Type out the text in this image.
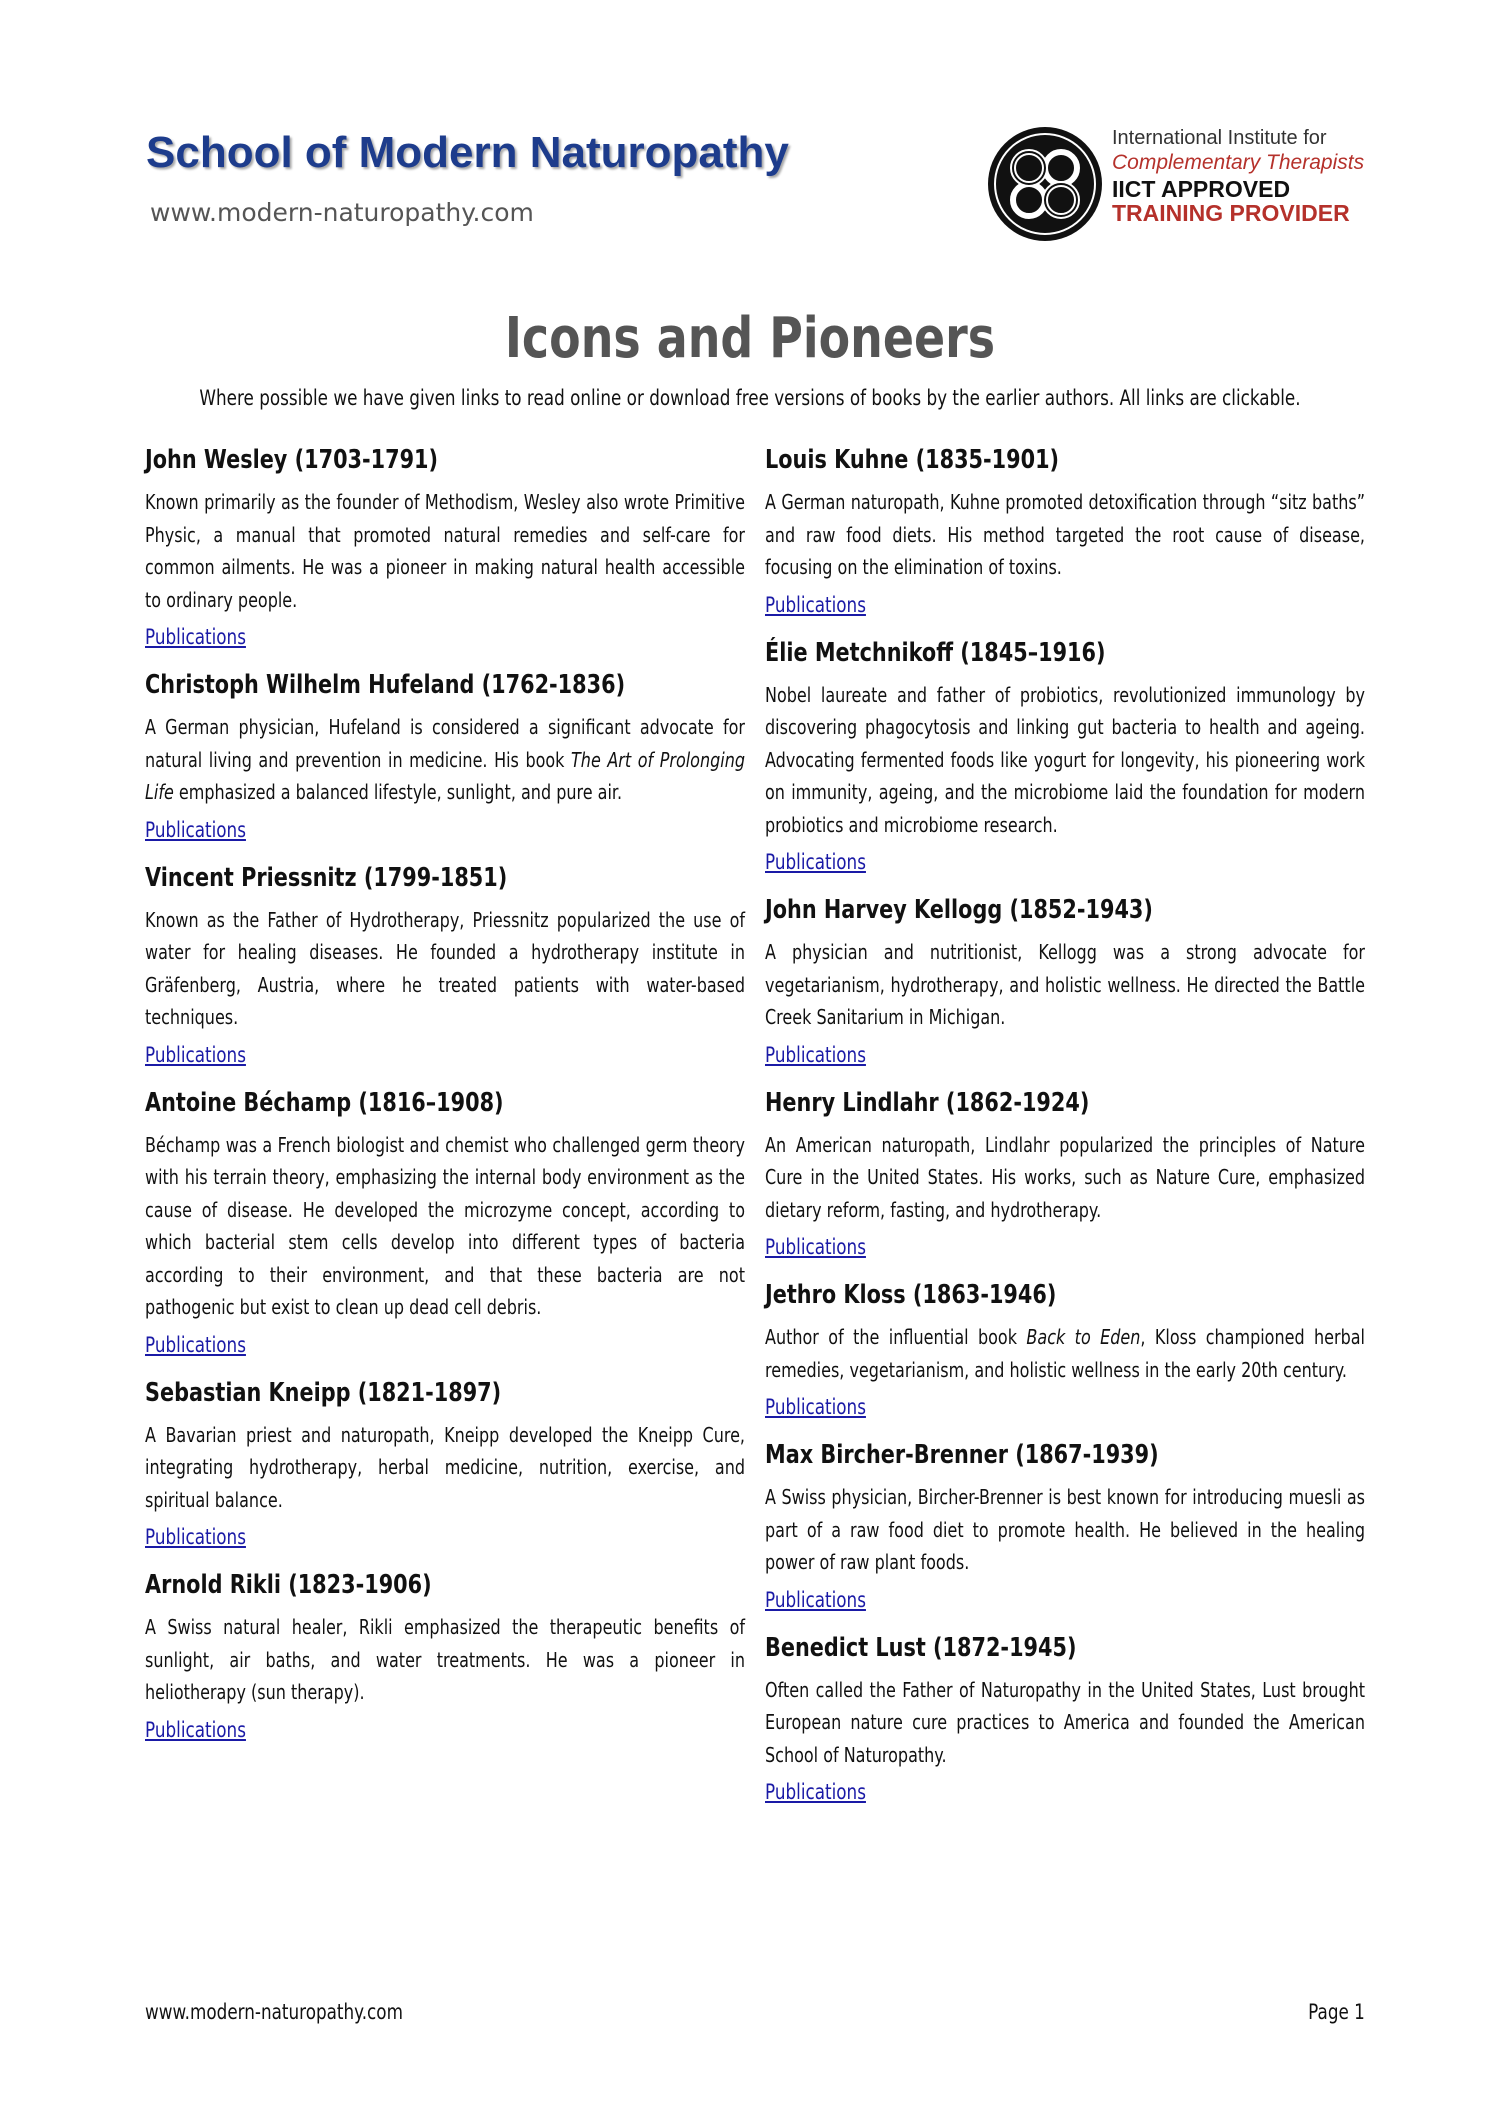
School of Modern Naturopathy
www.modern-naturopathy.com
International Institute for
Complementary Therapists
IICT APPROVED
TRAINING PROVIDER
Icons and Pioneers
Where possible we have given links to read online or download free versions of books by the earlier authors. All links are clickable.
John Wesley (1703-1791)

Known primarily as the founder of Methodism, Wesley also wrote Primitive Physic, a manual that promoted natural remedies and self-care for common ailments. He was a pioneer in making natural health accessible to ordinary people.

Publications
Christoph Wilhelm Hufeland (1762-1836)

A German physician, Hufeland is considered a significant advocate for natural living and prevention in medicine. His book The Art of Prolonging Life emphasized a balanced lifestyle, sunlight, and pure air.

Publications
Vincent Priessnitz (1799-1851)

Known as the Father of Hydrotherapy, Priessnitz popularized the use of water for healing diseases. He founded a hydrotherapy institute in Gräfenberg, Austria, where he treated patients with water-based techniques.

Publications
Antoine Béchamp (1816–1908)

Béchamp was a French biologist and chemist who challenged germ theory with his terrain theory, emphasizing the internal body environment as the cause of disease. He developed the microzyme concept, according to which bacterial stem cells develop into different types of bacteria according to their environment, and that these bacteria are not pathogenic but exist to clean up dead cell debris.

Publications
Sebastian Kneipp (1821-1897)

A Bavarian priest and naturopath, Kneipp developed the Kneipp Cure, integrating hydrotherapy, herbal medicine, nutrition, exercise, and spiritual balance.

Publications
Arnold Rikli (1823-1906)

A Swiss natural healer, Rikli emphasized the therapeutic benefits of sunlight, air baths, and water treatments. He was a pioneer in heliotherapy (sun therapy).

Publications
Louis Kuhne (1835-1901)

A German naturopath, Kuhne promoted detoxification through “sitz baths” and raw food diets. His method targeted the root cause of disease, focusing on the elimination of toxins.

Publications
Élie Metchnikoff (1845–1916)

Nobel laureate and father of probiotics, revolutionized immunology by discovering phagocytosis and linking gut bacteria to health and ageing. Advocating fermented foods like yogurt for longevity, his pioneering work on immunity, ageing, and the microbiome laid the foundation for modern probiotics and microbiome research.

Publications
John Harvey Kellogg (1852-1943)

A physician and nutritionist, Kellogg was a strong advocate for vegetarianism, hydrotherapy, and holistic wellness. He directed the Battle Creek Sanitarium in Michigan.

Publications
Henry Lindlahr (1862-1924)

An American naturopath, Lindlahr popularized the principles of Nature Cure in the United States. His works, such as Nature Cure, emphasized dietary reform, fasting, and hydrotherapy.

Publications
Jethro Kloss (1863-1946)

Author of the influential book Back to Eden, Kloss championed herbal remedies, vegetarianism, and holistic wellness in the early 20th century.

Publications
Max Bircher-Brenner (1867-1939)

A Swiss physician, Bircher-Brenner is best known for introducing muesli as part of a raw food diet to promote health. He believed in the healing power of raw plant foods.

Publications
Benedict Lust (1872-1945)

Often called the Father of Naturopathy in the United States, Lust brought European nature cure practices to America and founded the American School of Naturopathy.

Publications
www.modern-naturopathy.com	Page 1
